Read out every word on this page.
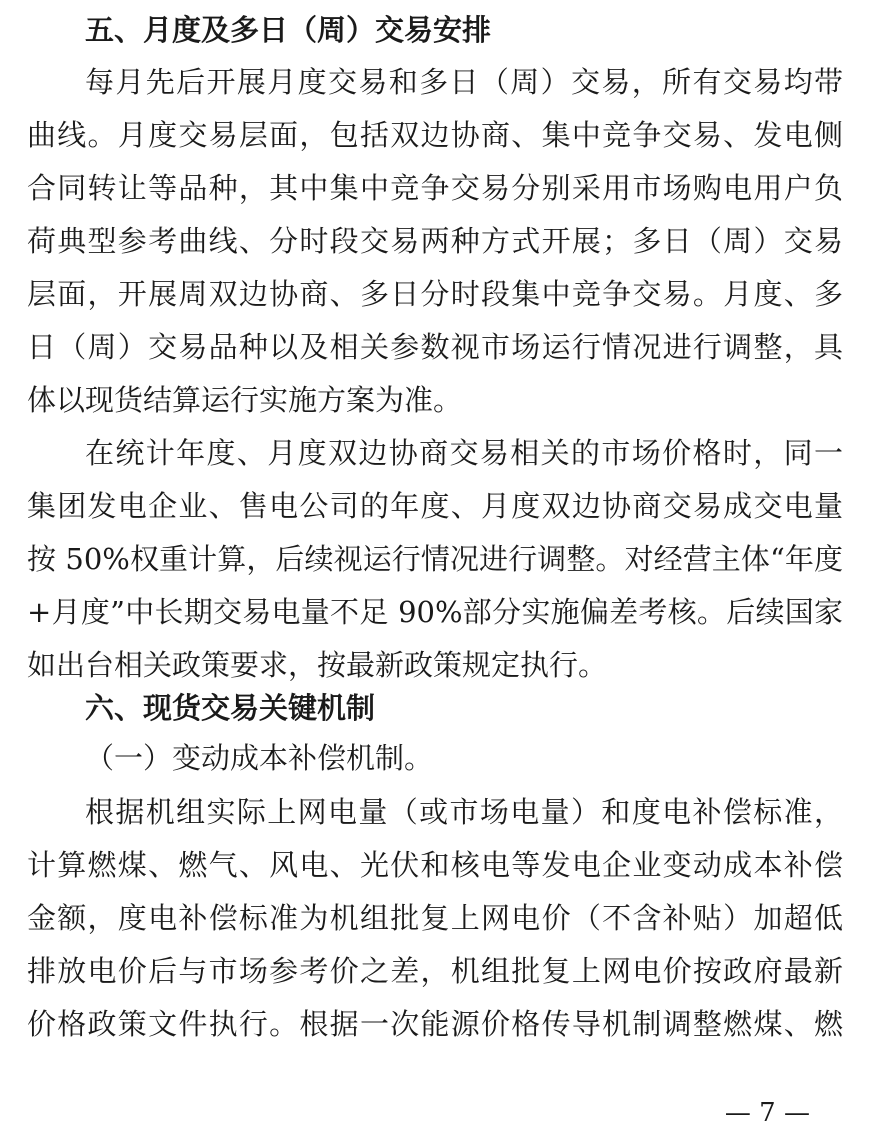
五、月度及多日（周）交易安排
每月先后开展月度交易和多日（周）交易，所有交易均带
曲线。月度交易层面，包括双边协商、集中竞争交易、发电侧
合同转让等品种，其中集中竞争交易分别采用市场购电用户负
荷典型参考曲线、分时段交易两种方式开展；多日（周）交易
层面，开展周双边协商、多日分时段集中竞争交易。月度、多
日（周）交易品种以及相关参数视市场运行情况进行调整，具
体以现货结算运行实施方案为准。
在统计年度、月度双边协商交易相关的市场价格时，同一
集团发电企业、售电公司的年度、月度双边协商交易成交电量
按 50%权重计算，后续视运行情况进行调整。对经营主体“年度
+月度”中长期交易电量不足 90%部分实施偏差考核。后续国家
如出台相关政策要求，按最新政策规定执行。
六、现货交易关键机制
（一）变动成本补偿机制。
根据机组实际上网电量（或市场电量）和度电补偿标准，
计算燃煤、燃气、风电、光伏和核电等发电企业变动成本补偿
金额，度电补偿标准为机组批复上网电价（不含补贴）加超低
排放电价后与市场参考价之差，机组批复上网电价按政府最新
价格政策文件执行。根据一次能源价格传导机制调整燃煤、燃
— 7 —
